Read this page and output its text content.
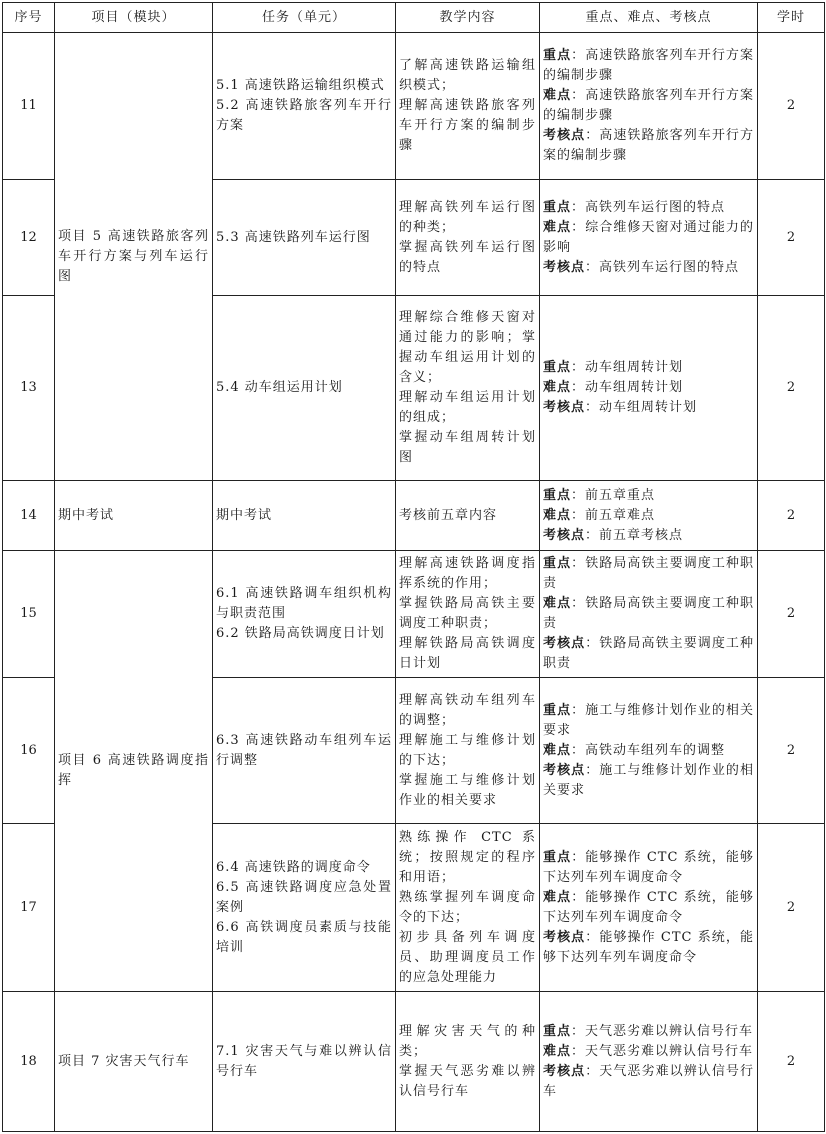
序号	项目（模块）	任务（单元）	教学内容	重点、难点、考核点	学时
11	项目 5 高速铁路旅客列车开行方案与列车运行图	5.1 高速铁路运输组织模式
5.2 高速铁路旅客列车开行方案	了解高速铁路运输组织模式；
理解高速铁路旅客列车开行方案的编制步骤	重点：高速铁路旅客列车开行方案的编制步骤
难点：高速铁路旅客列车开行方案的编制步骤
考核点：高速铁路旅客列车开行方案的编制步骤	2
12		5.3 高速铁路列车运行图	理解高铁列车运行图的种类；
掌握高铁列车运行图的特点	重点：高铁列车运行图的特点
难点：综合维修天窗对通过能力的影响
考核点：高铁列车运行图的特点	2
13		5.4 动车组运用计划	理解综合维修天窗对通过能力的影响；掌握动车组运用计划的含义；
理解动车组运用计划的组成；
掌握动车组周转计划图	重点：动车组周转计划
难点：动车组周转计划
考核点：动车组周转计划	2
14	期中考试	期中考试	考核前五章内容	重点：前五章重点
难点：前五章难点
考核点：前五章考核点	2
15	项目 6 高速铁路调度指挥	6.1 高速铁路调车组织机构与职责范围
6.2 铁路局高铁调度日计划	理解高速铁路调度指挥系统的作用；
掌握铁路局高铁主要调度工种职责；
理解铁路局高铁调度日计划	重点：铁路局高铁主要调度工种职责
难点：铁路局高铁主要调度工种职责
考核点：铁路局高铁主要调度工种职责	2
16		6.3 高速铁路动车组列车运行调整	理解高铁动车组列车的调整；
理解施工与维修计划的下达；
掌握施工与维修计划作业的相关要求	重点：施工与维修计划作业的相关要求
难点：高铁动车组列车的调整
考核点：施工与维修计划作业的相关要求	2
17		6.4 高速铁路的调度命令
6.5 高速铁路调度应急处置案例
6.6 高铁调度员素质与技能培训	熟练操作 CTC 系统；按照规定的程序和用语；
熟练掌握列车调度命令的下达；
初步具备列车调度员、助理调度员工作的应急处理能力	重点：能够操作 CTC 系统，能够下达列车列车调度命令
难点：能够操作 CTC 系统，能够下达列车列车调度命令
考核点：能够操作 CTC 系统，能够下达列车列车调度命令	2
18	项目 7 灾害天气行车	7.1 灾害天气与难以辨认信号行车	理解灾害天气的种类；
掌握天气恶劣难以辨认信号行车	重点：天气恶劣难以辨认信号行车
难点：天气恶劣难以辨认信号行车
考核点：天气恶劣难以辨认信号行车	2
